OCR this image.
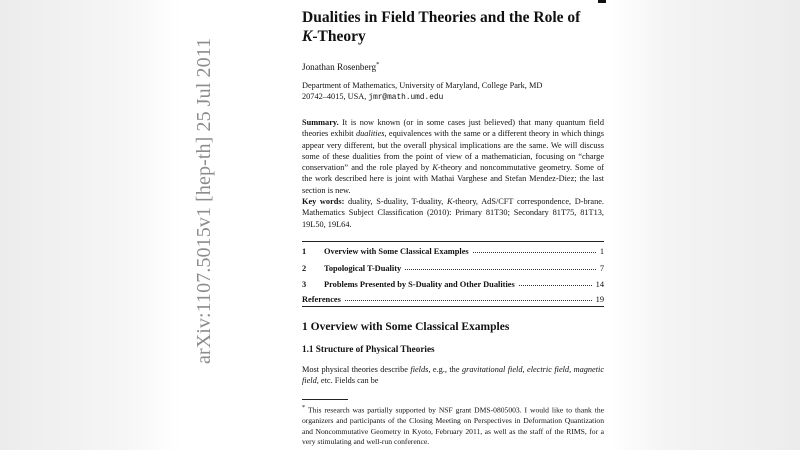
arXiv:1107.5015v1 [hep-th] 25 Jul 2011
Dualities in Field Theories and the Role of
K-Theory
Jonathan Rosenberg*
Department of Mathematics, University of Maryland, College Park, MD
20742–4015, USA, jmr@math.umd.edu
Summary. It is now known (or in some cases just believed) that many quantum field theories exhibit dualities, equivalences with the same or a different theory in which things appear very different, but the overall physical implications are the same. We will discuss some of these dualities from the point of view of a mathematician, focusing on “charge conservation” and the role played by K-theory and noncommutative geometry. Some of the work described here is joint with Mathai Varghese and Stefan Mendez-Diez; the last section is new.
Key words: duality, S-duality, T-duality, K-theory, AdS/CFT correspondence, D-brane. Mathematics Subject Classification (2010): Primary 81T30; Secondary 81T75, 81T13, 19L50, 19L64.
1	Overview with Some Classical Examples	1
2	Topological T-Duality	7
3	Problems Presented by S-Duality and Other Dualities	14
References	19
1 Overview with Some Classical Examples
1.1 Structure of Physical Theories
Most physical theories describe fields, e.g., the gravitational field, electric field, magnetic field, etc. Fields can be
* This research was partially supported by NSF grant DMS-0805003. I would like to thank the organizers and participants of the Closing Meeting on Perspectives in Deformation Quantization and Noncommutative Geometry in Kyoto, February 2011, as well as the staff of the RIMS, for a very stimulating and well-run conference.
